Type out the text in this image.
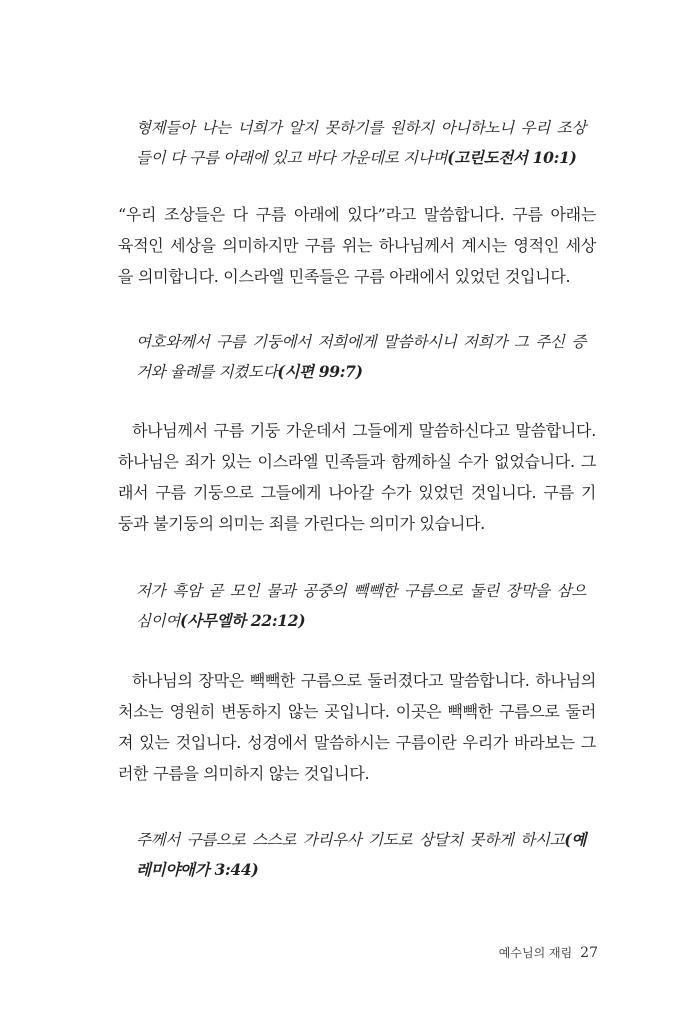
형제들아 나는 너희가 알지 못하기를 원하지 아니하노니 우리 조상
들이 다 구름 아래에 있고 바다 가운데로 지나며(고린도전서 10:1)

“우리 조상들은 다 구름 아래에 있다”라고 말씀합니다. 구름 아래는
육적인 세상을 의미하지만 구름 위는 하나님께서 계시는 영적인 세상
을 의미합니다. 이스라엘 민족들은 구름 아래에서 있었던 것입니다.

여호와께서 구름 기둥에서 저희에게 말씀하시니 저희가 그 주신 증
거와 율례를 지켰도다(시편 99:7)

하나님께서 구름 기둥 가운데서 그들에게 말씀하신다고 말씀합니다.
하나님은 죄가 있는 이스라엘 민족들과 함께하실 수가 없었습니다. 그
래서 구름 기둥으로 그들에게 나아갈 수가 있었던 것입니다. 구름 기
둥과 불기둥의 의미는 죄를 가린다는 의미가 있습니다.

저가 흑암 곧 모인 물과 공중의 빽빽한 구름으로 둘린 장막을 삼으
심이여(사무엘하 22:12)

하나님의 장막은 빽빽한 구름으로 둘러졌다고 말씀합니다. 하나님의
처소는 영원히 변동하지 않는 곳입니다. 이곳은 빽빽한 구름으로 둘러
져 있는 것입니다. 성경에서 말씀하시는 구름이란 우리가 바라보는 그
러한 구름을 의미하지 않는 것입니다.

주께서 구름으로 스스로 가리우사 기도로 상달치 못하게 하시고(예
레미야애가 3:44)

예수님의 재림 27
